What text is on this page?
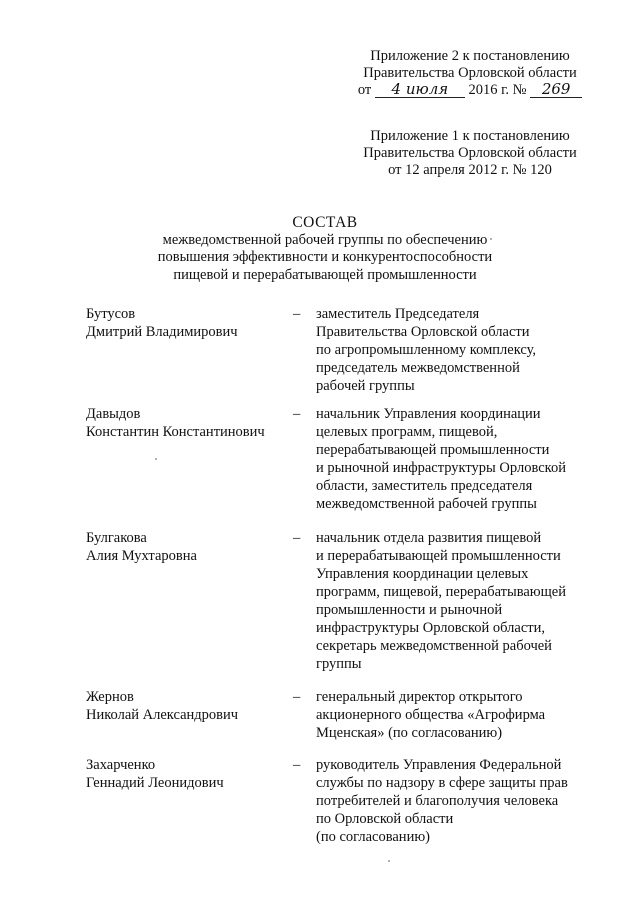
Приложение 2 к постановлению
Правительства Орловской области
от 4 июля 2016 г. № 269
Приложение 1 к постановлению
Правительства Орловской области
от 12 апреля 2012 г. № 120
СОСТАВ
межведомственной рабочей группы по обеспечению
повышения эффективности и конкурентоспособности
пищевой и перерабатывающей промышленности
Бутусов
Дмитрий Владимирович
– заместитель Председателя
Правительства Орловской области
по агропромышленному комплексу,
председатель межведомственной
рабочей группы
Давыдов
Константин Константинович
– начальник Управления координации
целевых программ, пищевой,
перерабатывающей промышленности
и рыночной инфраструктуры Орловской
области, заместитель председателя
межведомственной рабочей группы
Булгакова
Алия Мухтаровна
– начальник отдела развития пищевой
и перерабатывающей промышленности
Управления координации целевых
программ, пищевой, перерабатывающей
промышленности и рыночной
инфраструктуры Орловской области,
секретарь межведомственной рабочей
группы
Жернов
Николай Александрович
– генеральный директор открытого
акционерного общества «Агрофирма
Мценская» (по согласованию)
Захарченко
Геннадий Леонидович
– руководитель Управления Федеральной
службы по надзору в сфере защиты прав
потребителей и благополучия человека
по Орловской области
(по согласованию)
